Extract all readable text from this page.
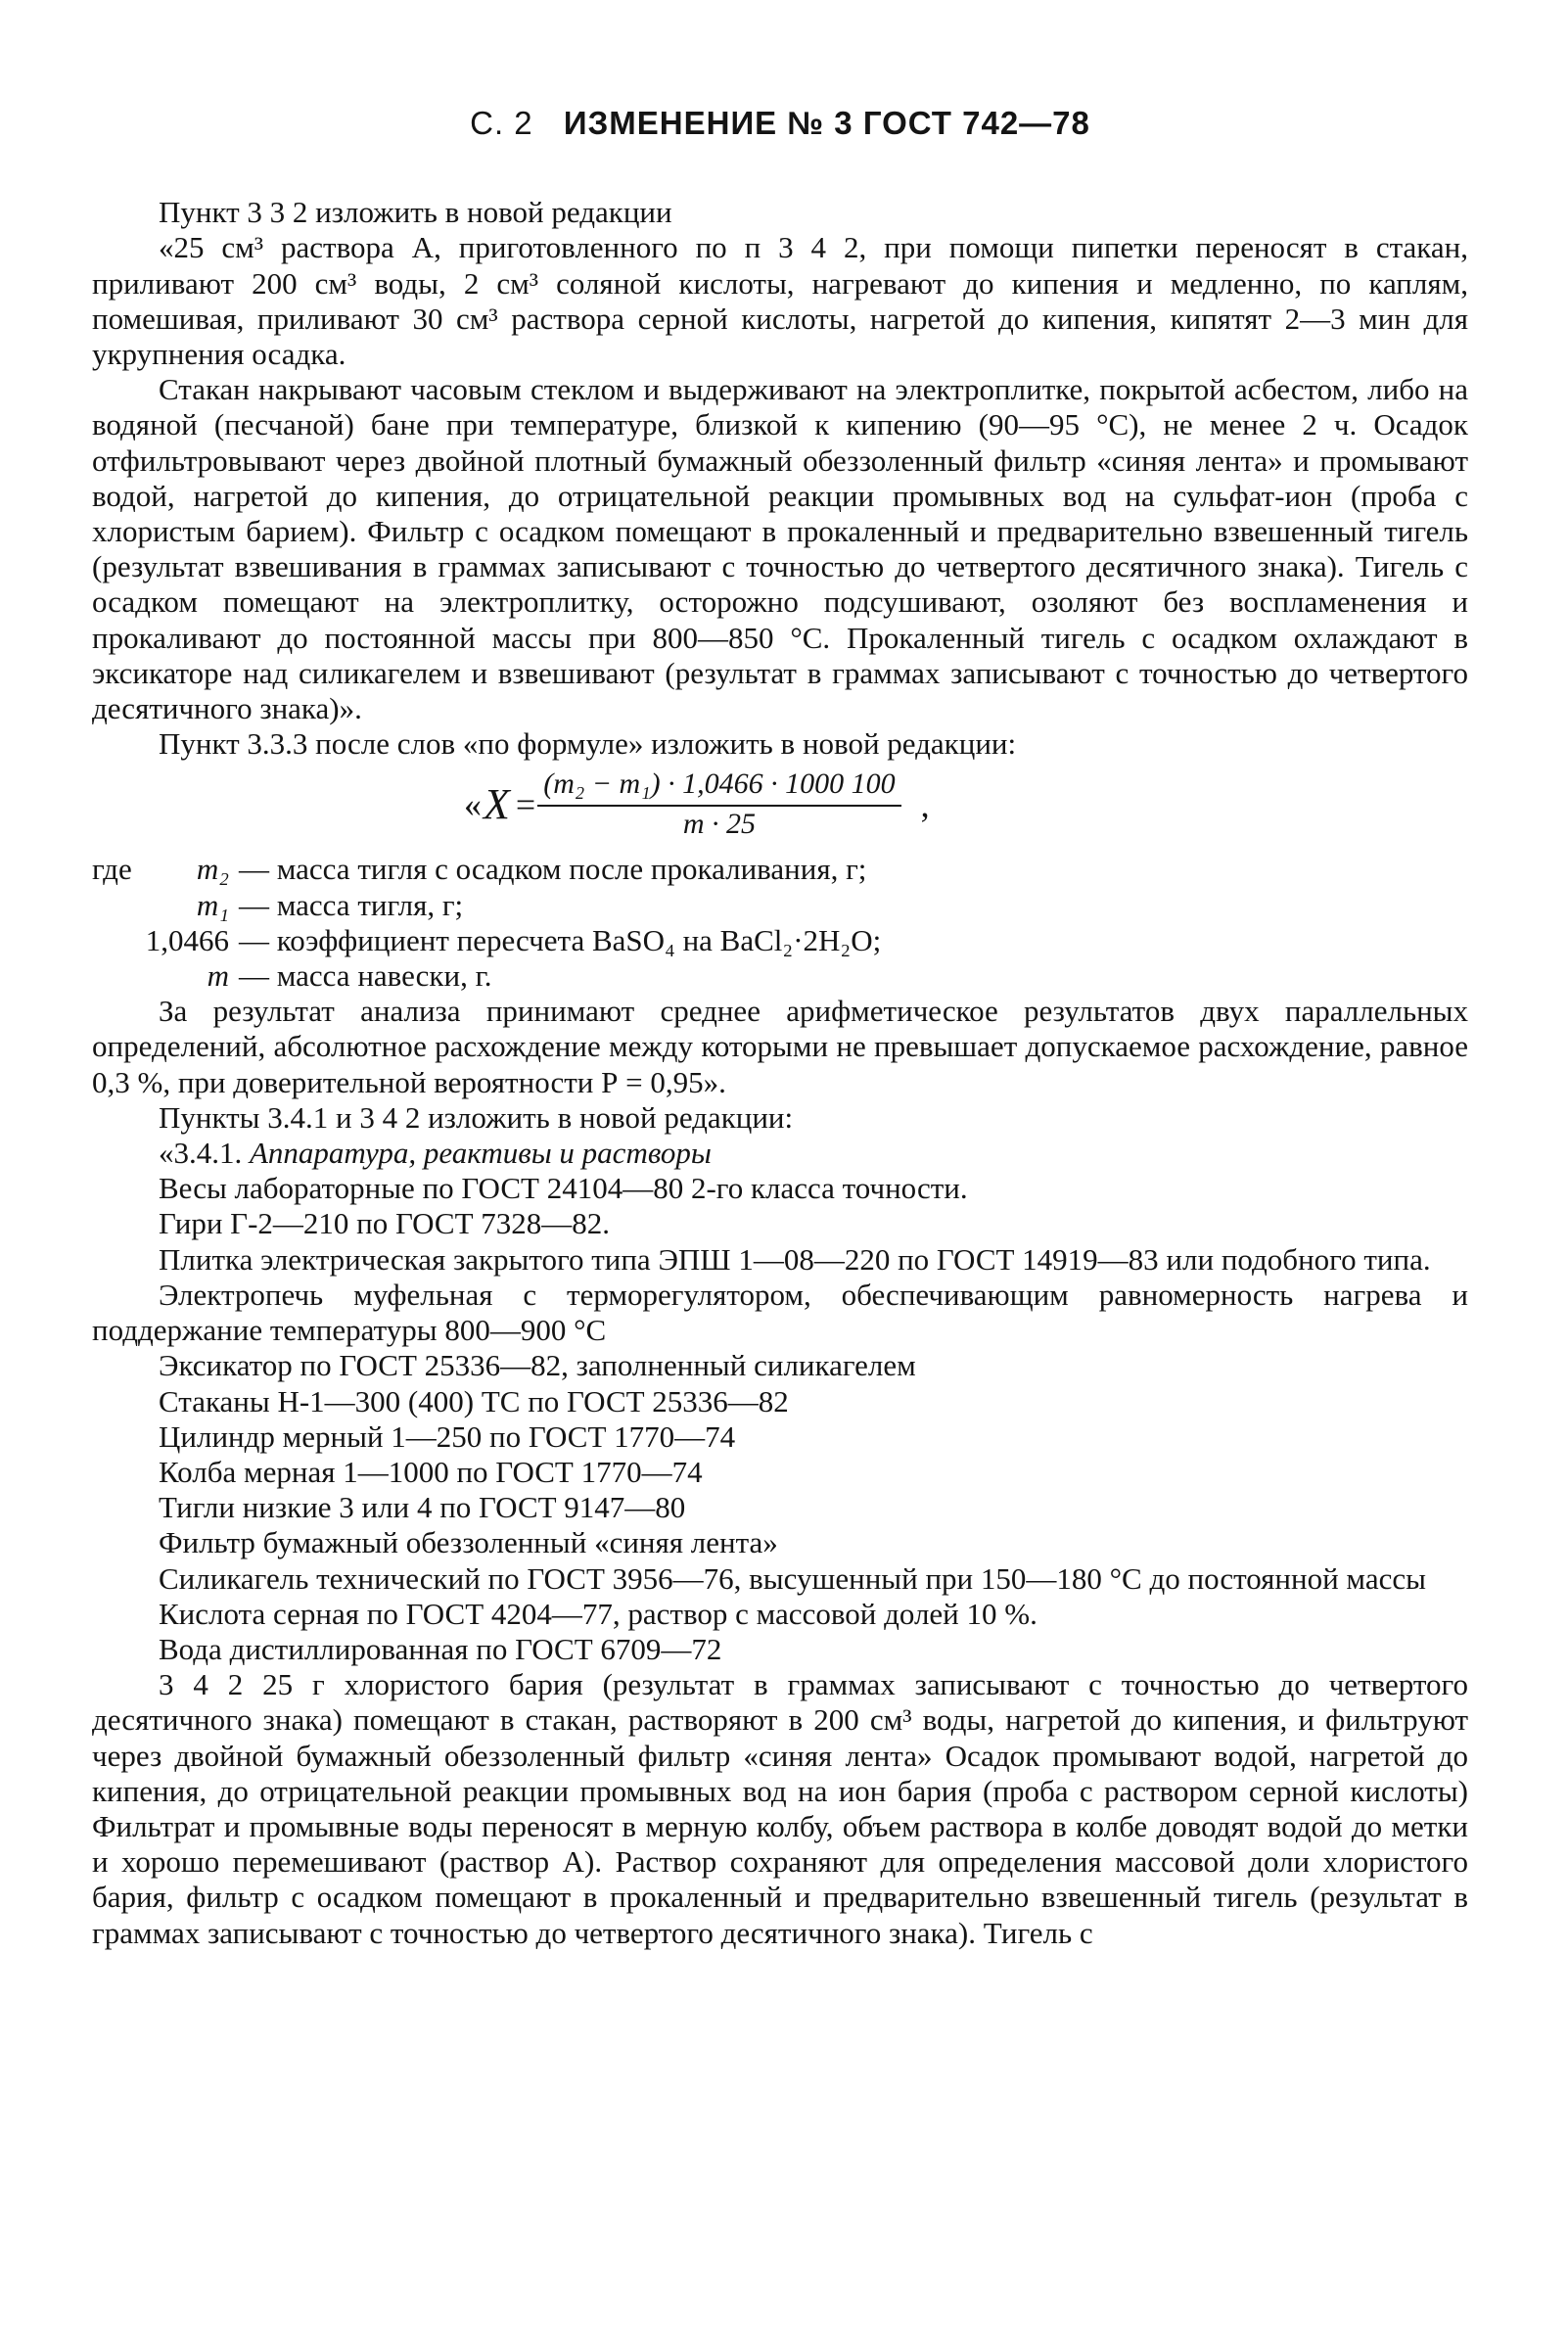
С. 2 ИЗМЕНЕНИЕ № 3 ГОСТ 742—78

Пункт 3 3 2 изложить в новой редакции

«25 см³ раствора А, приготовленного по п 3 4 2, при помощи пипетки переносят в стакан, приливают 200 см³ воды, 2 см³ соляной кислоты, нагревают до кипения и медленно, по каплям, помешивая, приливают 30 см³ раствора серной кислоты, нагретой до кипения, кипятят 2—3 мин для укрупнения осадка.

Стакан накрывают часовым стеклом и выдерживают на электроплитке, покрытой асбестом, либо на водяной (песчаной) бане при температуре, близкой к кипению (90—95 °С), не менее 2 ч. Осадок отфильтровывают через двойной плотный бумажный обеззоленный фильтр «синяя лента» и промывают водой, нагретой до кипения, до отрицательной реакции промывных вод на сульфат-ион (проба с хлористым барием). Фильтр с осадком помещают в прокаленный и предварительно взвешенный тигель (результат взвешивания в граммах записывают с точностью до четвертого десятичного знака). Тигель с осадком помещают на электроплитку, осторожно подсушивают, озоляют без воспламенения и прокаливают до постоянной массы при 800—850 °С. Прокаленный тигель с осадком охлаждают в эксикаторе над силикагелем и взвешивают (результат в граммах записывают с точностью до четвертого десятичного знака)».

Пункт 3.3.3 после слов «по формуле» изложить в новой редакции:

« $X = \frac{\text{(m₂ − m₁) · 1,0466 · 1000 100}}{m \cdot 25}$ ,
где	m₂ — масса тигля с осадком после прокаливания, г;
m₁ — масса тигля, г;
1,0466 — коэффициент пересчета BaSO₄ на BaCl₂·2H₂O;
m — масса навески, г.

За результат анализа принимают среднее арифметическое результатов двух параллельных определений, абсолютное расхождение между которыми не превышает допускаемое расхождение, равное 0,3 %, при доверительной вероятности Р = 0,95».

Пункты 3.4.1 и 3 4 2 изложить в новой редакции:

«3.4.1. Аппаратура, реактивы и растворы

Весы лабораторные по ГОСТ 24104—80 2-го класса точности.

Гири Г-2—210 по ГОСТ 7328—82.

Плитка электрическая закрытого типа ЭПШ 1—08—220 по ГОСТ 14919—83 или подобного типа.

Электропечь муфельная с терморегулятором, обеспечивающим равномерность нагрева и поддержание температуры 800—900 °С

Эксикатор по ГОСТ 25336—82, заполненный силикагелем

Стаканы Н-1—300 (400) ТС по ГОСТ 25336—82

Цилиндр мерный 1—250 по ГОСТ 1770—74

Колба мерная 1—1000 по ГОСТ 1770—74

Тигли низкие 3 или 4 по ГОСТ 9147—80

Фильтр бумажный обеззоленный «синяя лента»

Силикагель технический по ГОСТ 3956—76, высушенный при 150—180 °С до постоянной массы

Кислота серная по ГОСТ 4204—77, раствор с массовой долей 10 %.

Вода дистиллированная по ГОСТ 6709—72

3 4 2 25 г хлористого бария (результат в граммах записывают с точностью до четвертого десятичного знака) помещают в стакан, растворяют в 200 см³ воды, нагретой до кипения, и фильтруют через двойной бумажный обеззоленный фильтр «синяя лента» Осадок промывают водой, нагретой до кипения, до отрицательной реакции промывных вод на ион бария (проба с раствором серной кислоты) Фильтрат и промывные воды переносят в мерную колбу, объем раствора в колбе доводят водой до метки и хорошо перемешивают (раствор А). Раствор сохраняют для определения массовой доли хлористого бария, фильтр с осадком помещают в прокаленный и предварительно взвешенный тигель (результат в граммах записывают с точностью до четвертого десятичного знака). Тигель с
